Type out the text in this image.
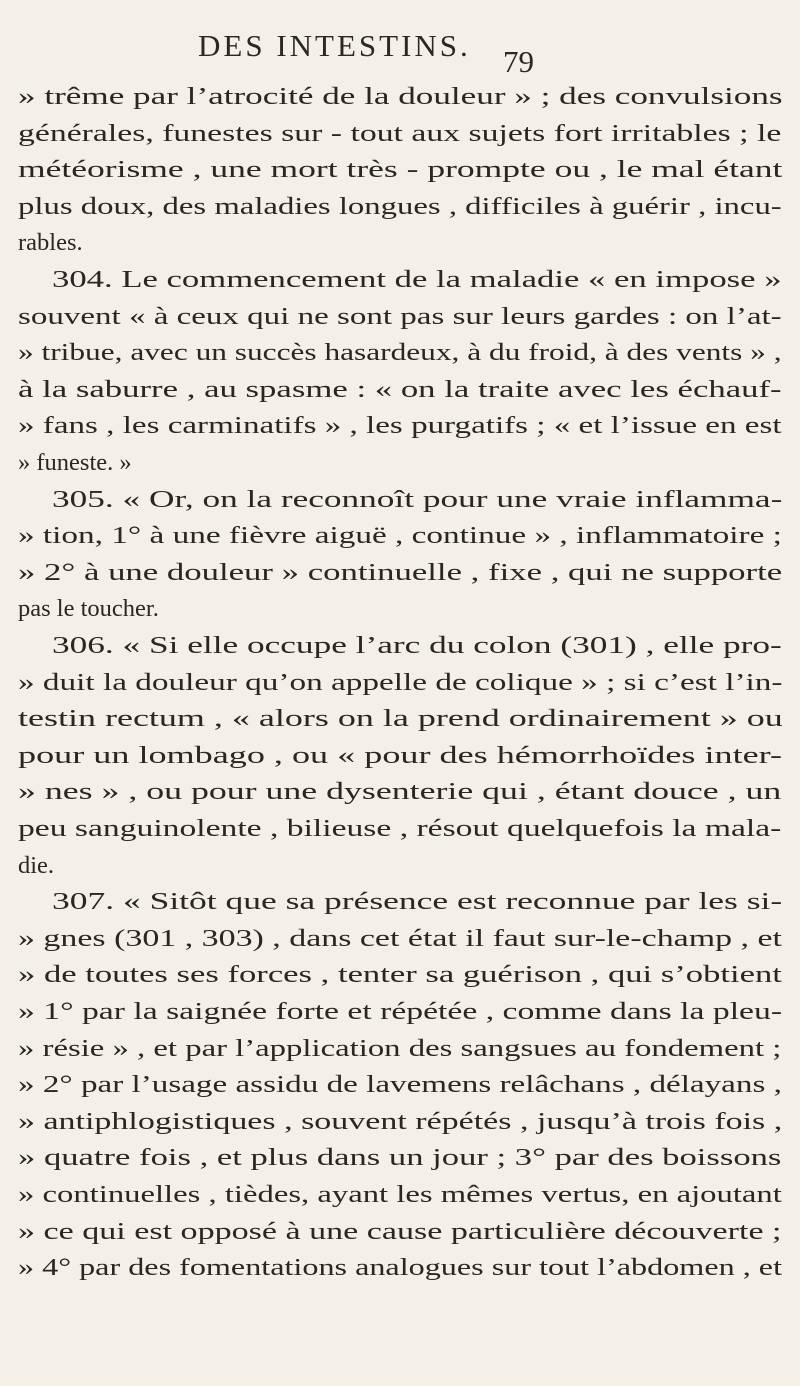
DES INTESTINS. 79
» trême par l’atrocité de la douleur » ; des convulsions
générales, funestes sur - tout aux sujets fort irritables ; le
météorisme , une mort très - prompte ou , le mal étant
plus doux, des maladies longues , difficiles à guérir , incu-
rables.
304. Le commencement de la maladie « en impose »
souvent « à ceux qui ne sont pas sur leurs gardes : on l’at-
» tribue, avec un succès hasardeux, à du froid, à des vents » ,
à la saburre , au spasme : « on la traite avec les échauf-
» fans , les carminatifs » , les purgatifs ; « et l’issue en est
» funeste. »
305. « Or, on la reconnoît pour une vraie inflamma-
» tion, 1° à une fièvre aiguë , continue » , inflammatoire ;
» 2° à une douleur » continuelle , fixe , qui ne supporte
pas le toucher.
306. « Si elle occupe l’arc du colon (301) , elle pro-
» duit la douleur qu’on appelle de colique » ; si c’est l’in-
testin rectum , « alors on la prend ordinairement » ou
pour un lombago , ou « pour des hémorrhoïdes inter-
» nes » , ou pour une dysenterie qui , étant douce , un
peu sanguinolente , bilieuse , résout quelquefois la mala-
die.
307. « Sitôt que sa présence est reconnue par les si-
» gnes (301 , 303) , dans cet état il faut sur-le-champ , et
» de toutes ses forces , tenter sa guérison , qui s’obtient
» 1° par la saignée forte et répétée , comme dans la pleu-
» résie » , et par l’application des sangsues au fondement ;
» 2° par l’usage assidu de lavemens relâchans , délayans ,
» antiphlogistiques , souvent répétés , jusqu’à trois fois ,
» quatre fois , et plus dans un jour ; 3° par des boissons
» continuelles , tièdes, ayant les mêmes vertus, en ajoutant
» ce qui est opposé à une cause particulière découverte ;
» 4° par des fomentations analogues sur tout l’abdomen , et
